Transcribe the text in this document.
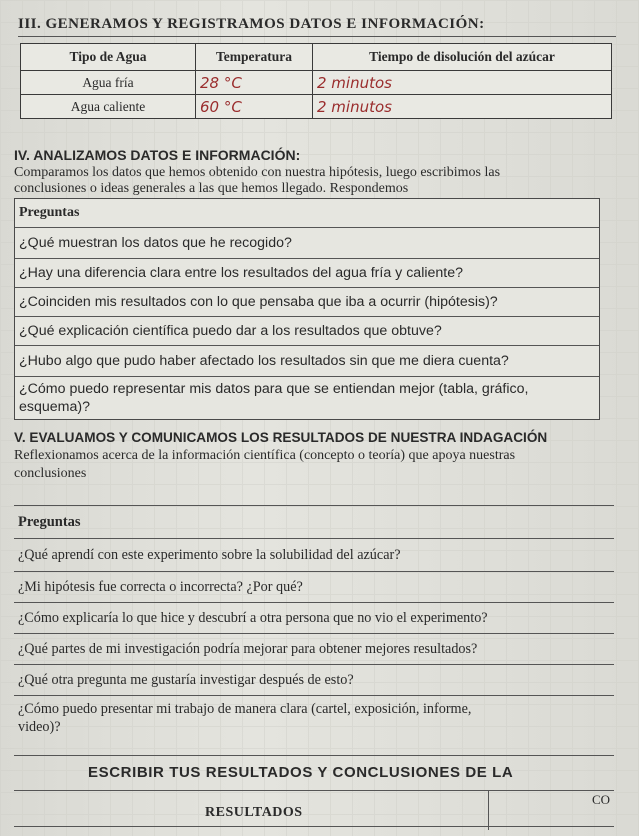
III. GENERAMOS Y REGISTRAMOS DATOS E INFORMACIÓN:
Tipo de Agua	Temperatura	Tiempo de disolución del azúcar
Agua fría	28 °C	2 minutos
Agua caliente	60 °C	2 minutos
IV. ANALIZAMOS DATOS E INFORMACIÓN:
Comparamos los datos que hemos obtenido con nuestra hipótesis, luego escribimos las
conclusiones o ideas generales a las que hemos llegado. Respondemos
Preguntas
¿Qué muestran los datos que he recogido?
¿Hay una diferencia clara entre los resultados del agua fría y caliente?
¿Coinciden mis resultados con lo que pensaba que iba a ocurrir (hipótesis)?
¿Qué explicación científica puedo dar a los resultados que obtuve?
¿Hubo algo que pudo haber afectado los resultados sin que me diera cuenta?
¿Cómo puedo representar mis datos para que se entiendan mejor (tabla, gráfico,
esquema)?
V. EVALUAMOS Y COMUNICAMOS LOS RESULTADOS DE NUESTRA INDAGACIÓN
Reflexionamos acerca de la información científica (concepto o teoría) que apoya nuestras
conclusiones
Preguntas
¿Qué aprendí con este experimento sobre la solubilidad del azúcar?
¿Mi hipótesis fue correcta o incorrecta? ¿Por qué?
¿Cómo explicaría lo que hice y descubrí a otra persona que no vio el experimento?
¿Qué partes de mi investigación podría mejorar para obtener mejores resultados?
¿Qué otra pregunta me gustaría investigar después de esto?
¿Cómo puedo presentar mi trabajo de manera clara (cartel, exposición, informe,
video)?
ESCRIBIR TUS RESULTADOS Y CONCLUSIONES DE LA
RESULTADOS
CO
